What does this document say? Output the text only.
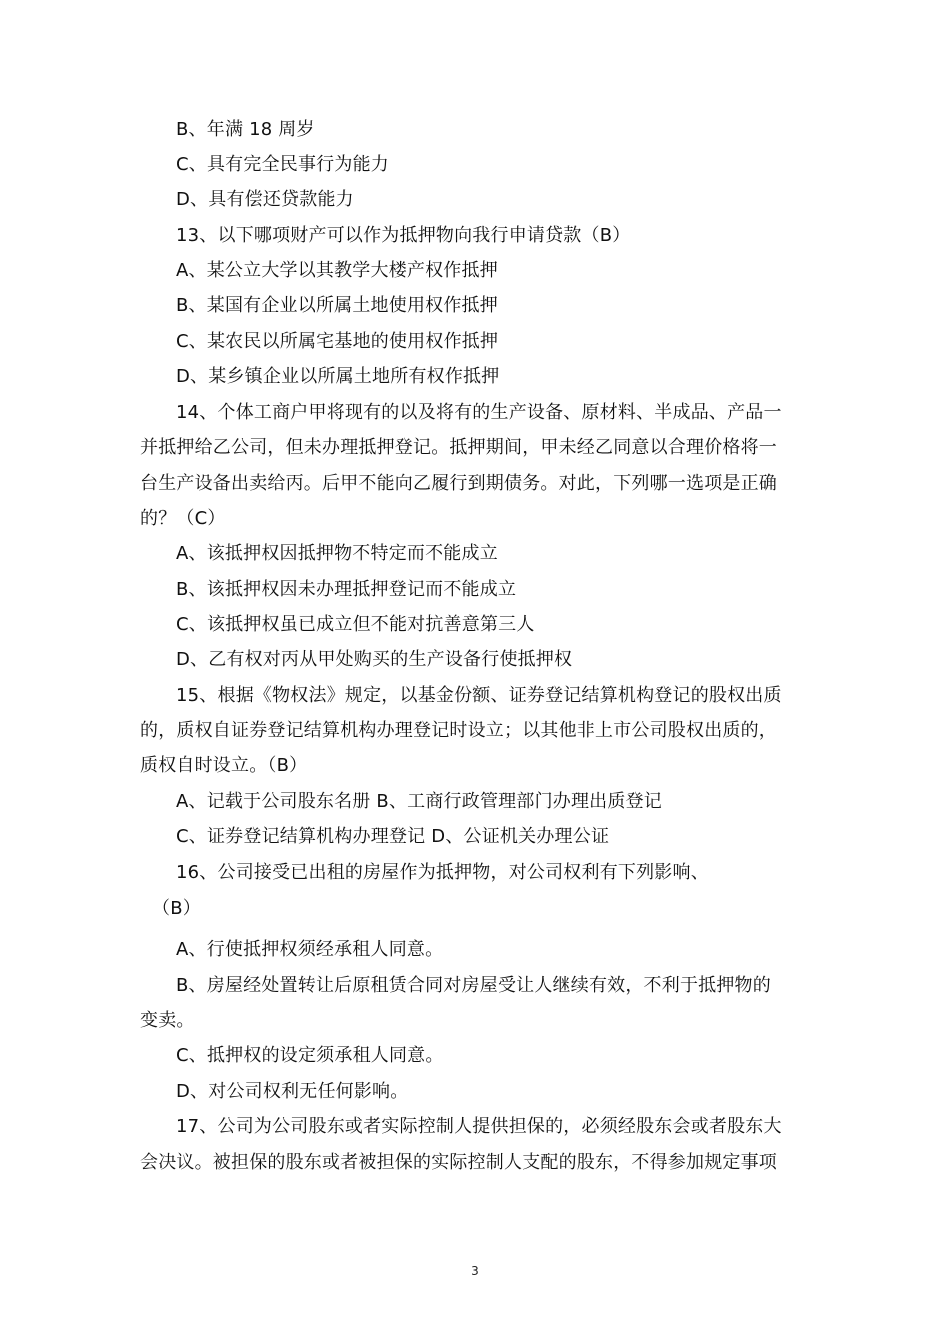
B、年满 18 周岁
C、具有完全民事行为能力
D、具有偿还贷款能力
13、以下哪项财产可以作为抵押物向我行申请贷款（B）
A、某公立大学以其教学大楼产权作抵押
B、某国有企业以所属土地使用权作抵押
C、某农民以所属宅基地的使用权作抵押
D、某乡镇企业以所属土地所有权作抵押
14、个体工商户甲将现有的以及将有的生产设备、原材料、半成品、产品一
并抵押给乙公司，但未办理抵押登记。抵押期间，甲未经乙同意以合理价格将一
台生产设备出卖给丙。后甲不能向乙履行到期债务。对此，下列哪一选项是正确
的？（C）
A、该抵押权因抵押物不特定而不能成立
B、该抵押权因未办理抵押登记而不能成立
C、该抵押权虽已成立但不能对抗善意第三人
D、乙有权对丙从甲处购买的生产设备行使抵押权
15、根据《物权法》规定，以基金份额、证券登记结算机构登记的股权出质
的，质权自证券登记结算机构办理登记时设立；以其他非上市公司股权出质的，
质权自时设立。（B）
A、记载于公司股东名册 B、工商行政管理部门办理出质登记
C、证券登记结算机构办理登记 D、公证机关办理公证
16、公司接受已出租的房屋作为抵押物，对公司权利有下列影响、
（B）
A、行使抵押权须经承租人同意。
B、房屋经处置转让后原租赁合同对房屋受让人继续有效，不利于抵押物的
变卖。
C、抵押权的设定须承租人同意。
D、对公司权利无任何影响。
17、公司为公司股东或者实际控制人提供担保的，必须经股东会或者股东大
会决议。被担保的股东或者被担保的实际控制人支配的股东，不得参加规定事项
3
